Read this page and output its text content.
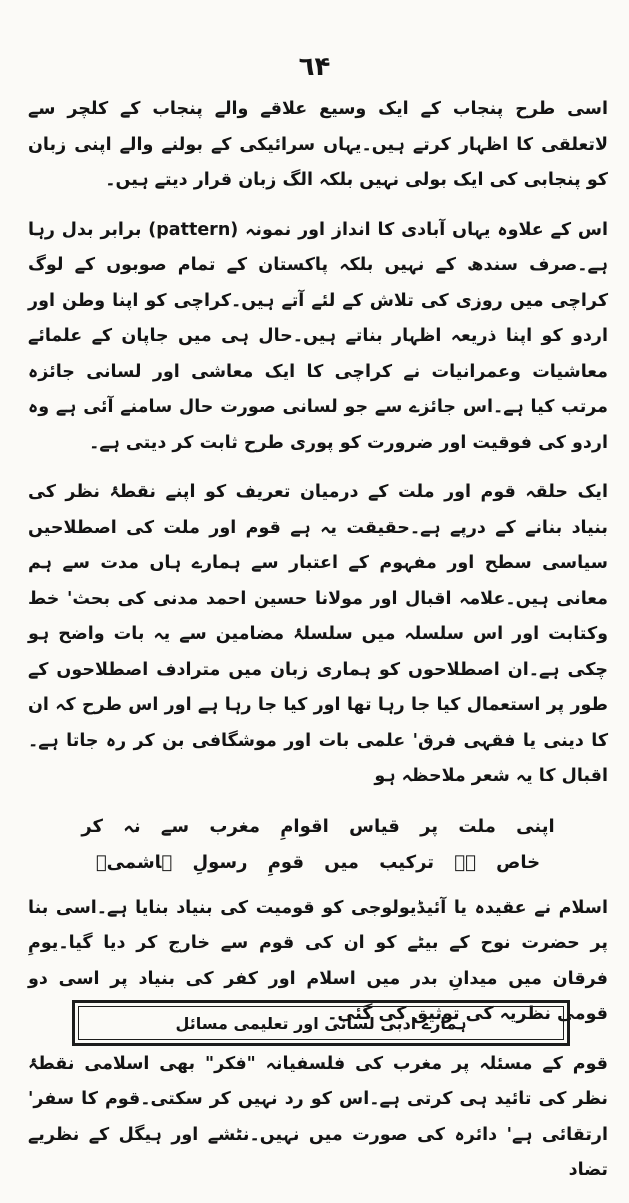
٦۴

اسی طرح پنجاب کے ایک وسیع علاقے والے پنجاب کے کلچر سے لاتعلقی کا اظہار کرتے ہیں۔یہاں سرائیکی کے بولنے والے اپنی زبان کو پنجابی کی ایک بولی نہیں بلکہ الگ زبان قرار دیتے ہیں۔

اس کے علاوہ یہاں آبادی کا انداز اور نمونہ (pattern) برابر بدل رہا ہے۔صرف سندھ کے نہیں بلکہ پاکستان کے تمام صوبوں کے لوگ کراچی میں روزی کی تلاش کے لئے آتے ہیں۔کراچی کو اپنا وطن اور اردو کو اپنا ذریعہ اظہار بناتے ہیں۔حال ہی میں جاپان کے علمائے معاشیات وعمرانیات نے کراچی کا ایک معاشی اور لسانی جائزہ مرتب کیا ہے۔اس جائزے سے جو لسانی صورت حال سامنے آئی ہے وہ اردو کی فوقیت اور ضرورت کو پوری طرح ثابت کر دیتی ہے۔

ایک حلقہ قوم اور ملت کے درمیان تعریف کو اپنے نقطۂ نظر کی بنیاد بنانے کے درپے ہے۔حقیقت یہ ہے قوم اور ملت کی اصطلاحیں سیاسی سطح اور مفہوم کے اعتبار سے ہمارے ہاں مدت سے ہم معانی ہیں۔علامہ اقبال اور مولانا حسین احمد مدنی کی بحث' خط وکتابت اور اس سلسلہ میں سلسلۂ مضامین سے یہ بات واضح ہو چکی ہے۔ان اصطلاحوں کو ہماری زبان میں مترادف اصطلاحوں کے طور پر استعمال کیا جا رہا تھا اور کیا جا رہا ہے اور اس طرح کہ ان کا دینی یا فقہی فرق' علمی بات اور موشگافی بن کر رہ جاتا ہے۔اقبال کا یہ شعر ملاحظہ ہو

اپنی ملت پر قیاس اقوامِ مغرب سے نہ کر
خاص ہے ترکیب میں قومِ رسولِ ہاشمیؐ

اسلام نے عقیدہ یا آئیڈیولوجی کو قومیت کی بنیاد بنایا ہے۔اسی بنا پر حضرت نوح کے بیٹے کو ان کی قوم سے خارج کر دیا گیا۔یومِ فرقان میں میدانِ بدر میں اسلام اور کفر کی بنیاد پر اسی دو قومی نظریہ کی توثیق کی گئی۔

قوم کے مسئلہ پر مغرب کی فلسفیانہ "فکر" بھی اسلامی نقطۂ نظر کی تائید ہی کرتی ہے۔اس کو رد نہیں کر سکتی۔قوم کا سفر' ارتقائی ہے' دائرہ کی صورت میں نہیں۔نٹشے اور ہیگل کے نظریے تضاد

ہمارے ادبی لسانی اور تعلیمی مسائل
